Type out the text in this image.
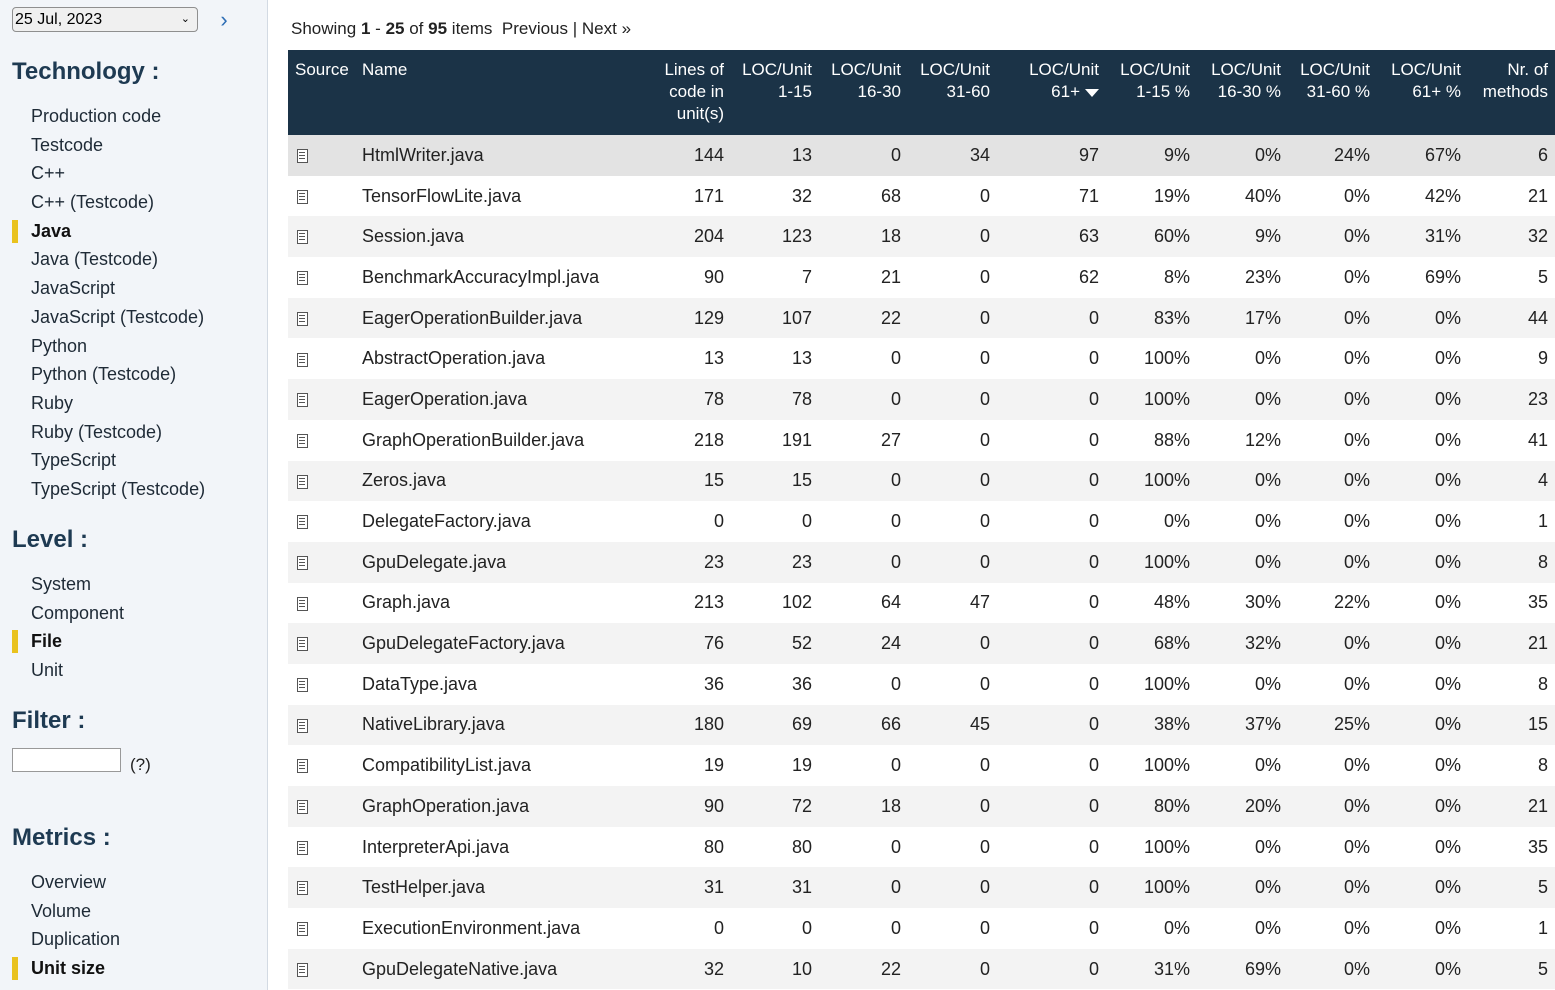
25 Jul, 2023	⌄ ›
Technology :
Production code
Testcode
C++
C++ (Testcode)
Java
Java (Testcode)
JavaScript
JavaScript (Testcode)
Python
Python (Testcode)
Ruby
Ruby (Testcode)
TypeScript
TypeScript (Testcode)
Level :
System
Component
File
Unit
Filter :
(?)
Metrics :
Overview
Volume
Duplication
Unit size
Showing 1 - 25 of 95 items Previous | Next »
Source	Name	Lines of code in unit(s)	LOC/Unit 1-15	LOC/Unit 16-30	LOC/Unit 31-60	LOC/Unit 61+	LOC/Unit 1-15 %	LOC/Unit 16-30 %	LOC/Unit 31-60 %	LOC/Unit 61+ %	Nr. of methods
	HtmlWriter.java	144	13	0	34	97	9%	0%	24%	67%	6
	TensorFlowLite.java	171	32	68	0	71	19%	40%	0%	42%	21
	Session.java	204	123	18	0	63	60%	9%	0%	31%	32
	BenchmarkAccuracyImpl.java	90	7	21	0	62	8%	23%	0%	69%	5
	EagerOperationBuilder.java	129	107	22	0	0	83%	17%	0%	0%	44
	AbstractOperation.java	13	13	0	0	0	100%	0%	0%	0%	9
	EagerOperation.java	78	78	0	0	0	100%	0%	0%	0%	23
	GraphOperationBuilder.java	218	191	27	0	0	88%	12%	0%	0%	41
	Zeros.java	15	15	0	0	0	100%	0%	0%	0%	4
	DelegateFactory.java	0	0	0	0	0	0%	0%	0%	0%	1
	GpuDelegate.java	23	23	0	0	0	100%	0%	0%	0%	8
	Graph.java	213	102	64	47	0	48%	30%	22%	0%	35
	GpuDelegateFactory.java	76	52	24	0	0	68%	32%	0%	0%	21
	DataType.java	36	36	0	0	0	100%	0%	0%	0%	8
	NativeLibrary.java	180	69	66	45	0	38%	37%	25%	0%	15
	CompatibilityList.java	19	19	0	0	0	100%	0%	0%	0%	8
	GraphOperation.java	90	72	18	0	0	80%	20%	0%	0%	21
	InterpreterApi.java	80	80	0	0	0	100%	0%	0%	0%	35
	TestHelper.java	31	31	0	0	0	100%	0%	0%	0%	5
	ExecutionEnvironment.java	0	0	0	0	0	0%	0%	0%	0%	1
	GpuDelegateNative.java	32	10	22	0	0	31%	69%	0%	0%	5
